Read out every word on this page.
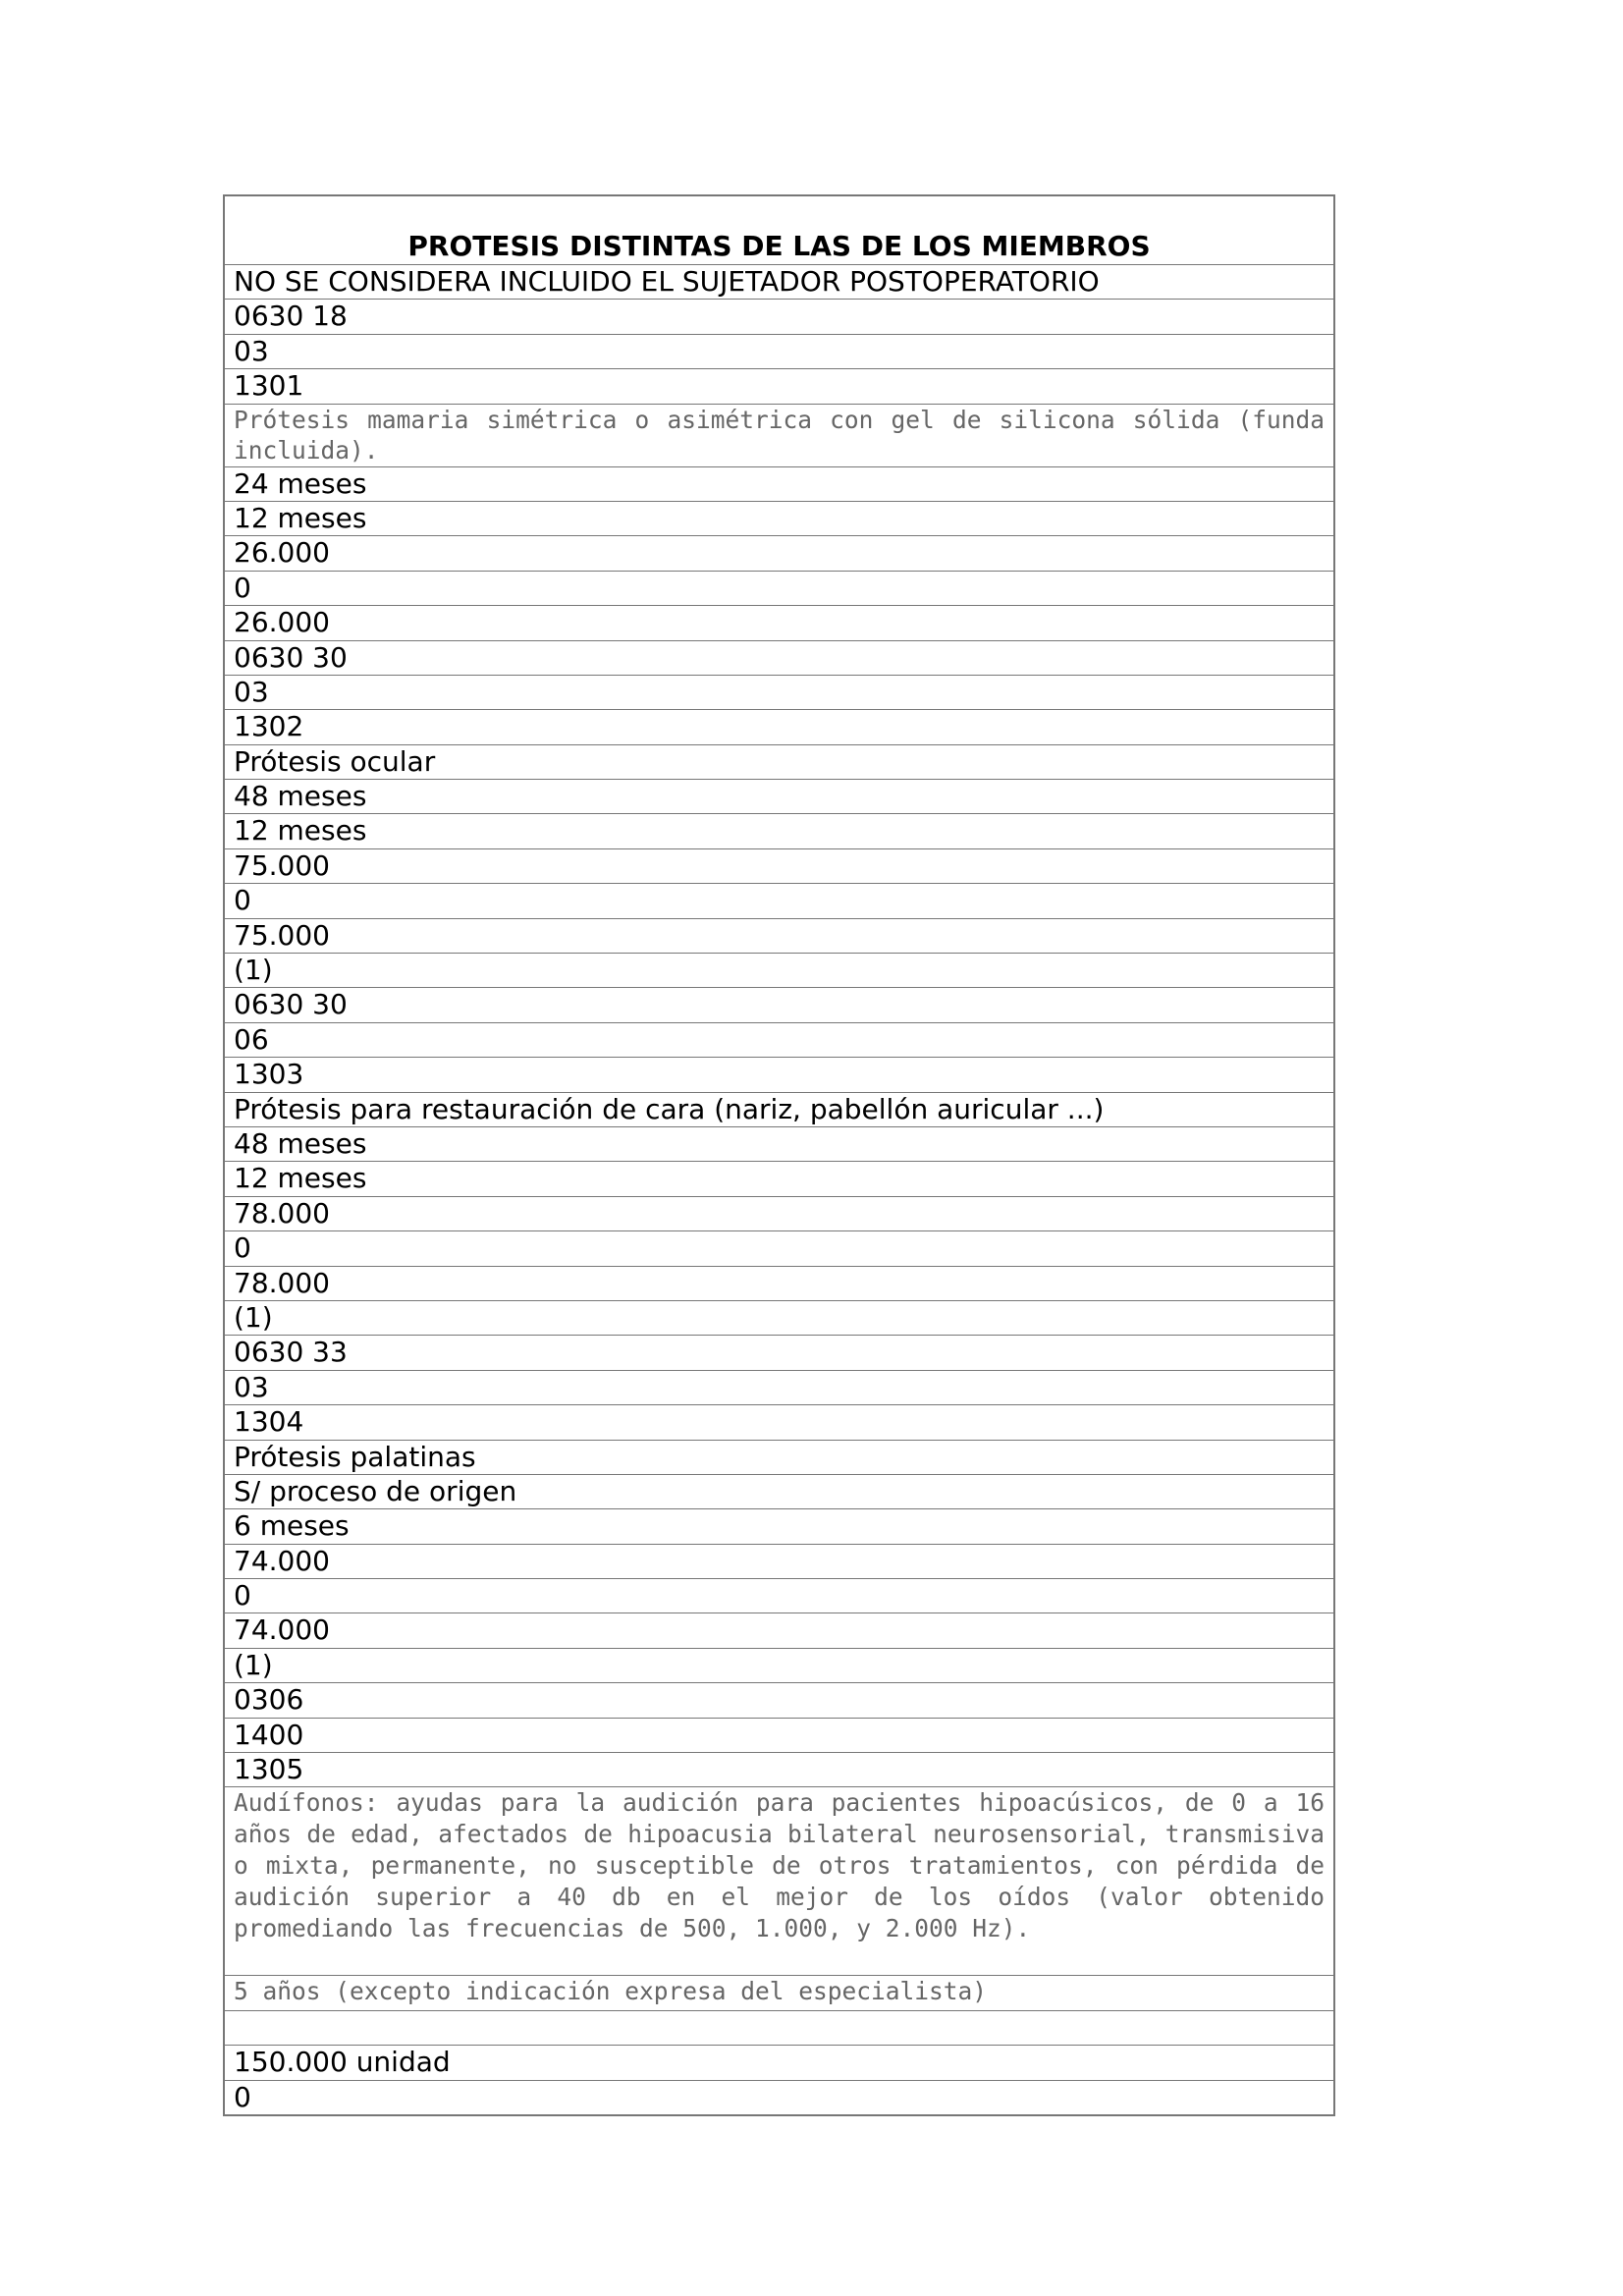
PROTESIS DISTINTAS DE LAS DE LOS MIEMBROS
NO SE CONSIDERA INCLUIDO EL SUJETADOR POSTOPERATORIO
0630 18
03
1301
Prótesis mamaria simétrica o asimétrica con gel de silicona sólida (funda incluida).
24 meses
12 meses
26.000
0
26.000
0630 30
03
1302
Prótesis ocular
48 meses
12 meses
75.000
0
75.000
(1)
0630 30
06
1303
Prótesis para restauración de cara (nariz, pabellón auricular ...)
48 meses
12 meses
78.000
0
78.000
(1)
0630 33
03
1304
Prótesis palatinas
S/ proceso de origen
6 meses
74.000
0
74.000
(1)
0306
1400
1305
Audífonos: ayudas para la audición para pacientes hipoacúsicos, de 0 a 16 años de edad, afectados de hipoacusia bilateral neurosensorial, transmisiva o mixta, permanente, no susceptible de otros tratamientos, con pérdida de audición superior a 40 db en el mejor de los oídos (valor obtenido promediando las frecuencias de 500, 1.000, y 2.000 Hz).
5 años (excepto indicación expresa del especialista)
150.000 unidad
0
